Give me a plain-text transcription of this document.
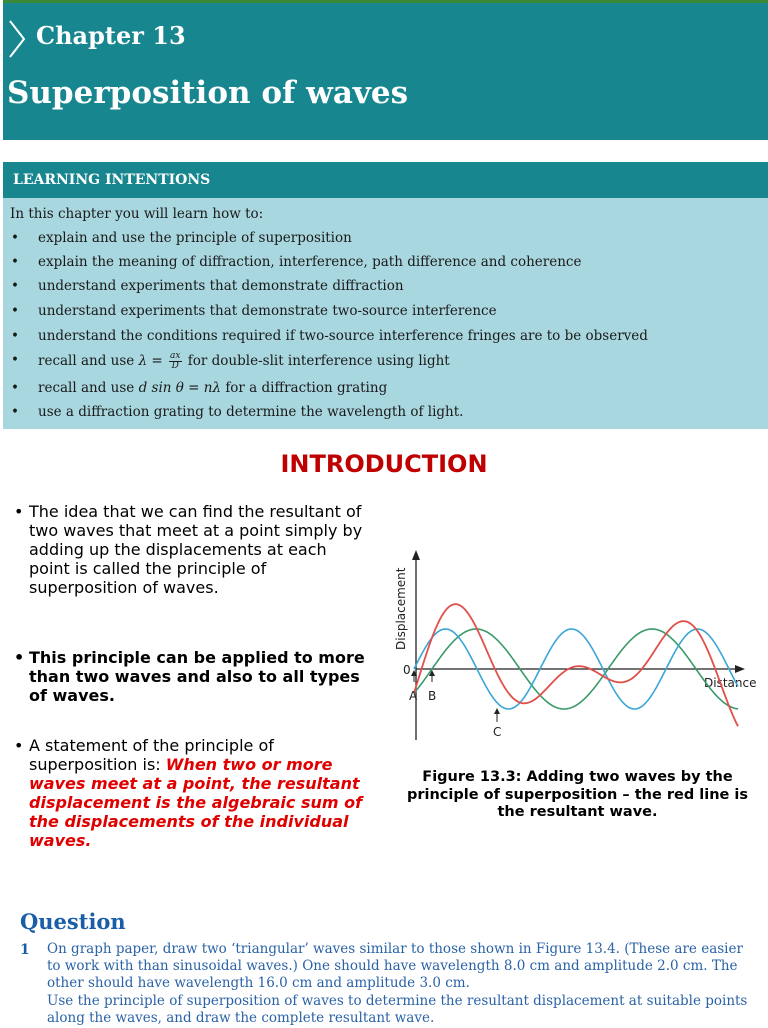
Chapter 13
Superposition of waves
LEARNING INTENTIONS
In this chapter you will learn how to:
• explain and use the principle of superposition
• explain the meaning of diffraction, interference, path difference and coherence
• understand experiments that demonstrate diffraction
• understand experiments that demonstrate two-source interference
• understand the conditions required if two-source interference fringes are to be observed
• recall and use $\lambda = \frac{ax}{D}$ for double-slit interference using light
• recall and use d sin θ = nλ for a diffraction grating
• use a diffraction grating to determine the wavelength of light.
INTRODUCTION
• The idea that we can find the resultant of two waves that meet at a point simply by adding up the displacements at each point is called the principle of superposition of waves.
• This principle can be applied to more than two waves and also to all types of waves.
• A statement of the principle of superposition is: When two or more waves meet at a point, the resultant displacement is the algebraic sum of the displacements of the individual waves.
Displacement
0
Distance
A B
C
Figure 13.3: Adding two waves by the principle of superposition – the red line is the resultant wave.
Question
1 On graph paper, draw two ‘triangular’ waves similar to those shown in Figure 13.4. (These are easier to work with than sinusoidal waves.) One should have wavelength 8.0 cm and amplitude 2.0 cm. The other should have wavelength 16.0 cm and amplitude 3.0 cm.

Use the principle of superposition of waves to determine the resultant displacement at suitable points along the waves, and draw the complete resultant wave.
